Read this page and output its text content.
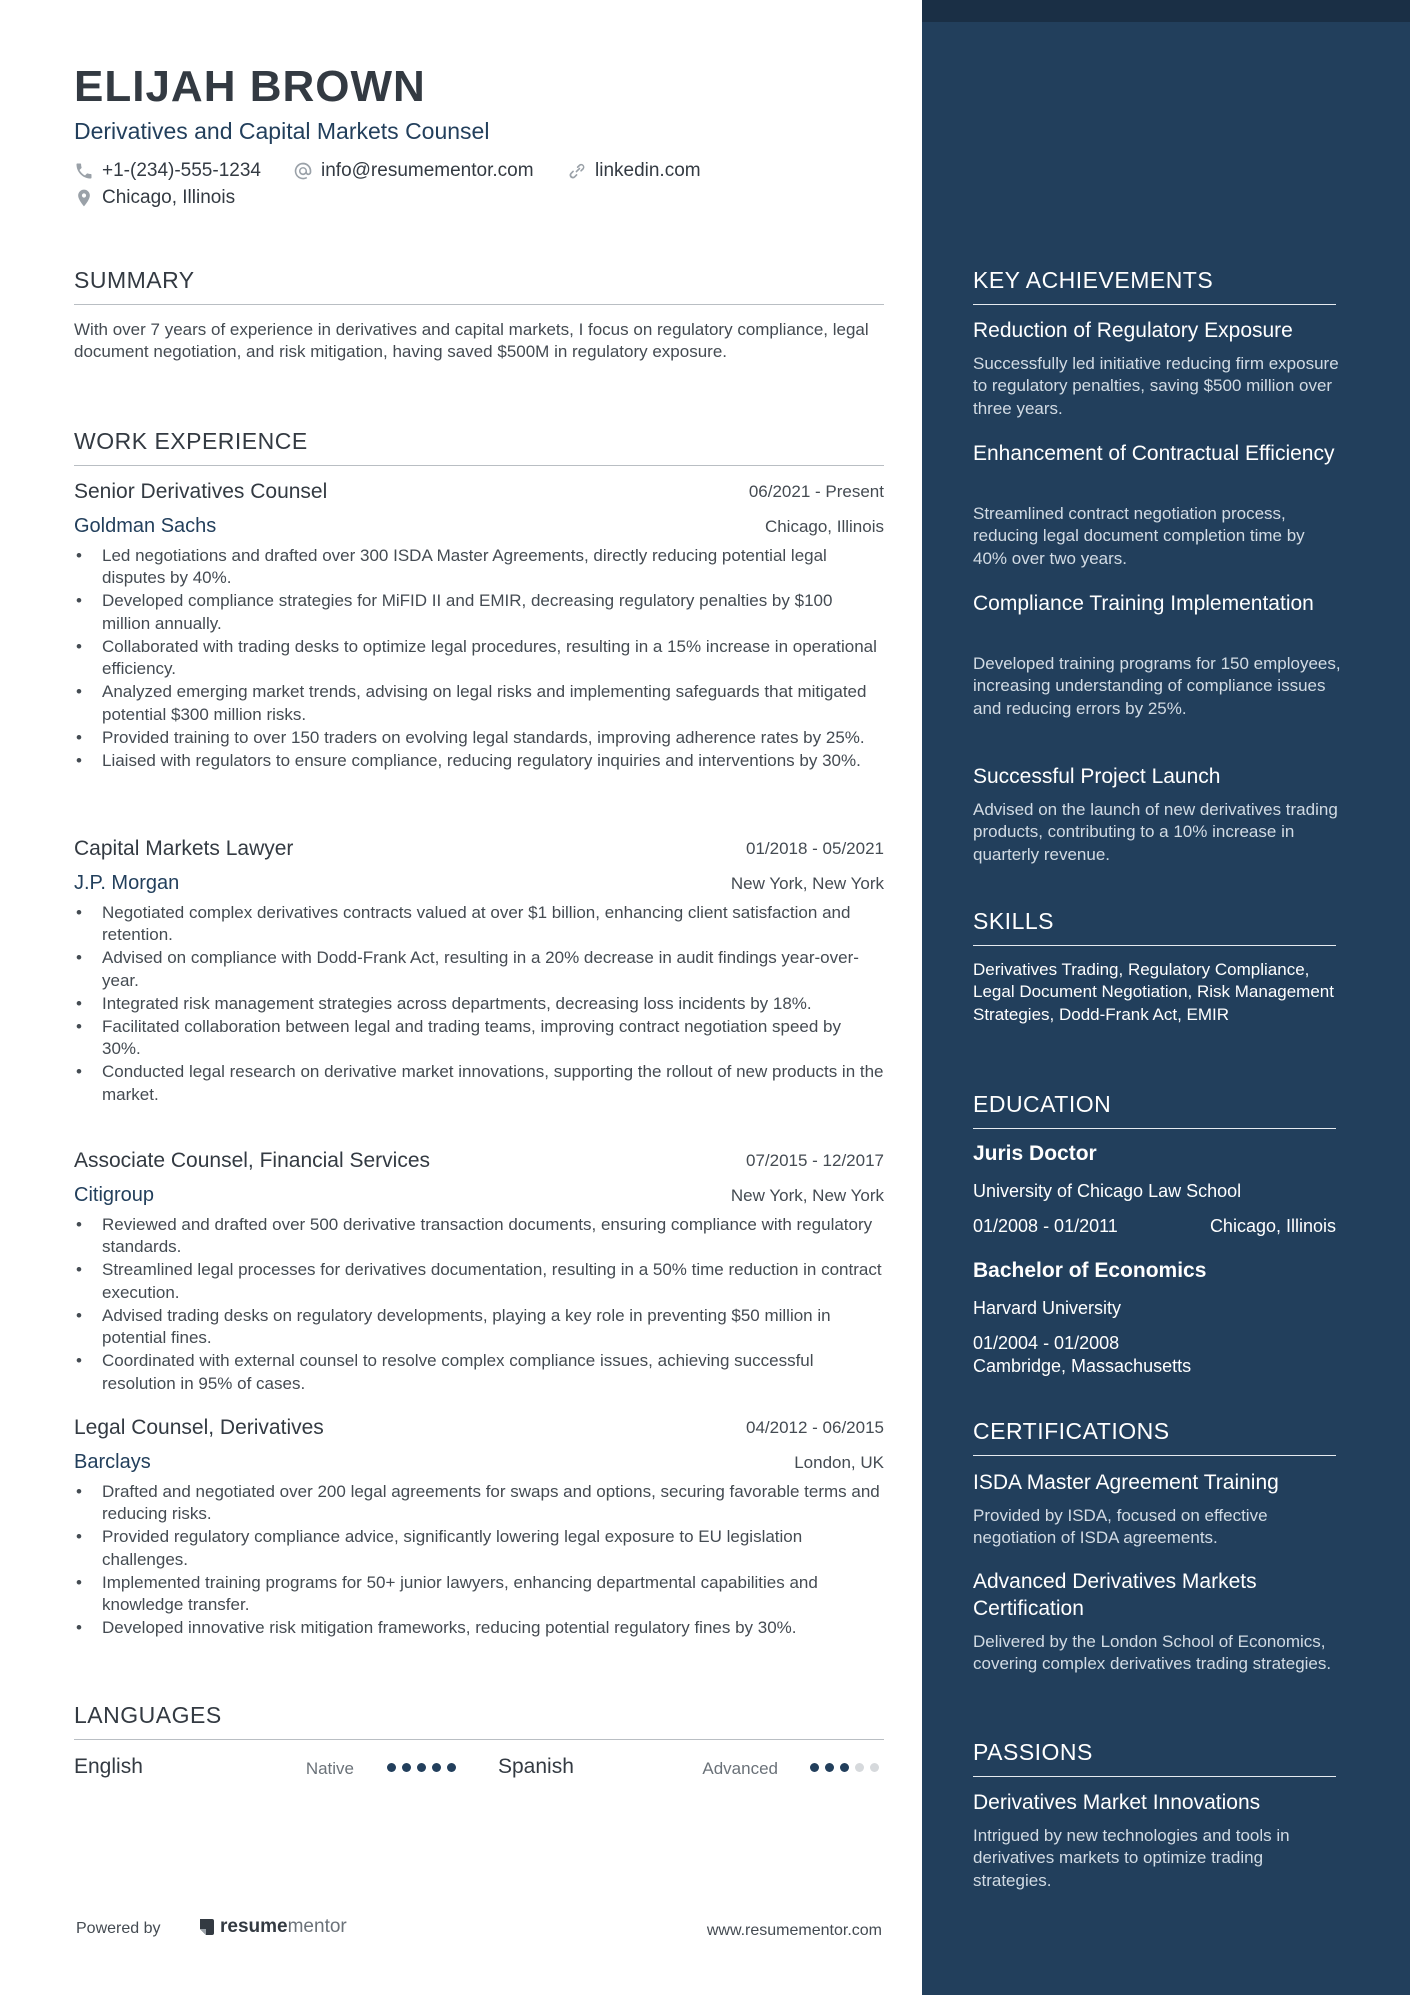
ELIJAH BROWN
Derivatives and Capital Markets Counsel
+1-(234)-555-1234	info@resumementor.com	linkedin.com
Chicago, Illinois
SUMMARY
With over 7 years of experience in derivatives and capital markets, I focus on regulatory compliance, legal document negotiation, and risk mitigation, having saved $500M in regulatory exposure.
WORK EXPERIENCE
Senior Derivatives Counsel	06/2021 - Present
Goldman Sachs	Chicago, Illinois
• Led negotiations and drafted over 300 ISDA Master Agreements, directly reducing potential legal disputes by 40%.
• Developed compliance strategies for MiFID II and EMIR, decreasing regulatory penalties by $100 million annually.
• Collaborated with trading desks to optimize legal procedures, resulting in a 15% increase in operational efficiency.
• Analyzed emerging market trends, advising on legal risks and implementing safeguards that mitigated potential $300 million risks.
• Provided training to over 150 traders on evolving legal standards, improving adherence rates by 25%.
• Liaised with regulators to ensure compliance, reducing regulatory inquiries and interventions by 30%.
Capital Markets Lawyer	01/2018 - 05/2021
J.P. Morgan	New York, New York
• Negotiated complex derivatives contracts valued at over $1 billion, enhancing client satisfaction and retention.
• Advised on compliance with Dodd-Frank Act, resulting in a 20% decrease in audit findings year-over-year.
• Integrated risk management strategies across departments, decreasing loss incidents by 18%.
• Facilitated collaboration between legal and trading teams, improving contract negotiation speed by 30%.
• Conducted legal research on derivative market innovations, supporting the rollout of new products in the market.
Associate Counsel, Financial Services	07/2015 - 12/2017
Citigroup	New York, New York
• Reviewed and drafted over 500 derivative transaction documents, ensuring compliance with regulatory standards.
• Streamlined legal processes for derivatives documentation, resulting in a 50% time reduction in contract execution.
• Advised trading desks on regulatory developments, playing a key role in preventing $50 million in potential fines.
• Coordinated with external counsel to resolve complex compliance issues, achieving successful resolution in 95% of cases.
Legal Counsel, Derivatives	04/2012 - 06/2015
Barclays	London, UK
• Drafted and negotiated over 200 legal agreements for swaps and options, securing favorable terms and reducing risks.
• Provided regulatory compliance advice, significantly lowering legal exposure to EU legislation challenges.
• Implemented training programs for 50+ junior lawyers, enhancing departmental capabilities and knowledge transfer.
• Developed innovative risk mitigation frameworks, reducing potential regulatory fines by 30%.
LANGUAGES
English	Native	Spanish	Advanced
Powered by	resume mentor	www.resumementor.com
KEY ACHIEVEMENTS
Reduction of Regulatory Exposure
Successfully led initiative reducing firm exposure to regulatory penalties, saving $500 million over three years.
Enhancement of Contractual Efficiency
Streamlined contract negotiation process, reducing legal document completion time by 40% over two years.
Compliance Training Implementation
Developed training programs for 150 employees, increasing understanding of compliance issues and reducing errors by 25%.
Successful Project Launch
Advised on the launch of new derivatives trading products, contributing to a 10% increase in quarterly revenue.
SKILLS
Derivatives Trading, Regulatory Compliance, Legal Document Negotiation, Risk Management Strategies, Dodd-Frank Act, EMIR
EDUCATION
Juris Doctor
University of Chicago Law School
01/2008 - 01/2011	Chicago, Illinois
Bachelor of Economics
Harvard University
01/2004 - 01/2008
Cambridge, Massachusetts
CERTIFICATIONS
ISDA Master Agreement Training
Provided by ISDA, focused on effective negotiation of ISDA agreements.
Advanced Derivatives Markets Certification
Delivered by the London School of Economics, covering complex derivatives trading strategies.
PASSIONS
Derivatives Market Innovations
Intrigued by new technologies and tools in derivatives markets to optimize trading strategies.
